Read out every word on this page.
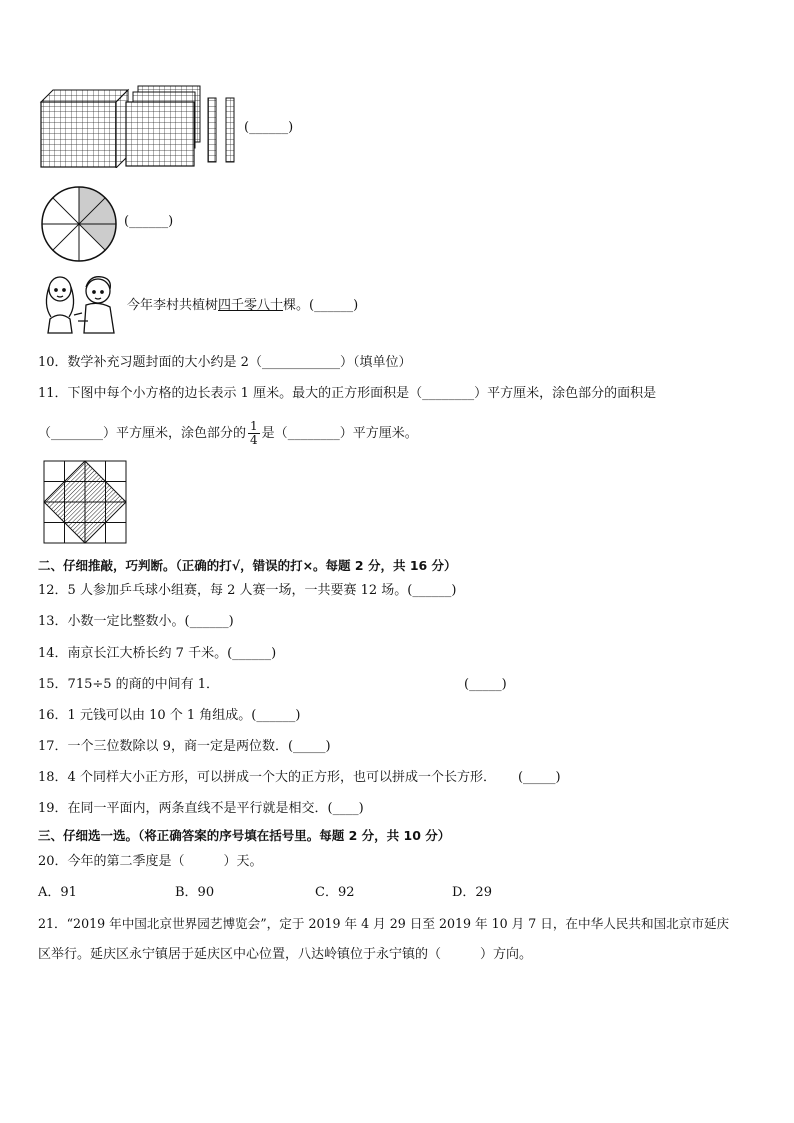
(______)
(______)
今年李村共植树四千零八十棵。(______)
10．数学补充习题封面的大小约是 2（____________）（填单位）
11．下图中每个小方格的边长表示 1 厘米。最大的正方形面积是（________）平方厘米，涂色部分的面积是
（________）平方厘米，涂色部分的 $\frac{1}{4}$ 是（________）平方厘米。
二、仔细推敲，巧判断。（正确的打√，错误的打×。每题 2 分，共 16 分）
12．5 人参加乒乓球小组赛，每 2 人赛一场，一共要赛 12 场。(______)
13．小数一定比整数小。(______)
14．南京长江大桥长约 7 千米。(______)
15．715÷5 的商的中间有 1．	(_____)
16．1 元钱可以由 10 个 1 角组成。(______)
17．一个三位数除以 9，商一定是两位数．(_____)
18．4 个同样大小正方形，可以拼成一个大的正方形，也可以拼成一个长方形． (_____)
19．在同一平面内，两条直线不是平行就是相交．(____)
三、仔细选一选。（将正确答案的序号填在括号里。每题 2 分，共 10 分）
20．今年的第二季度是（　　　）天。
A．91	B．90	C．92	D．29
21．“2019 年中国北京世界园艺博览会”，定于 2019 年 4 月 29 日至 2019 年 10 月 7 日，在中华人民共和国北京市延庆
区举行。延庆区永宁镇居于延庆区中心位置，八达岭镇位于永宁镇的（　　　）方向。
